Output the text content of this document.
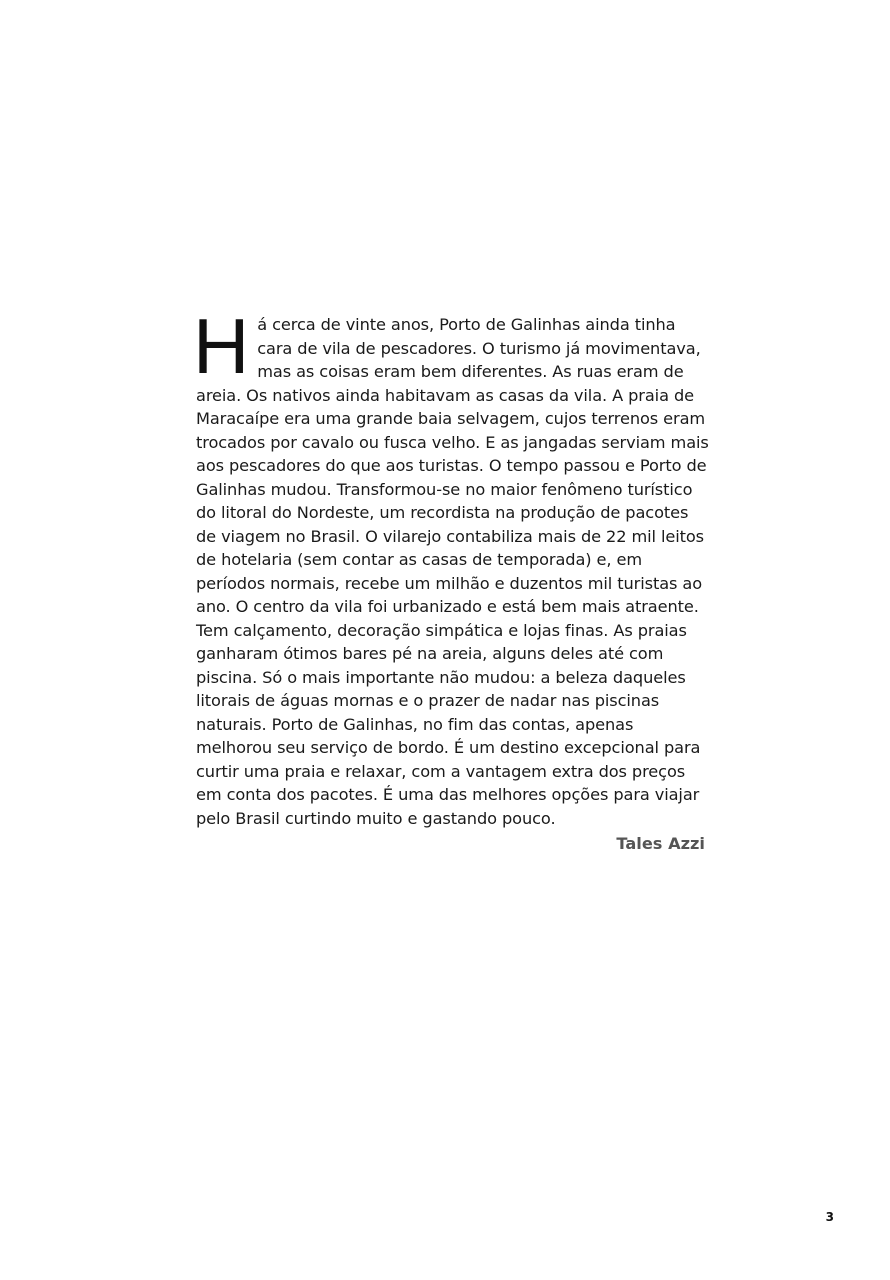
Há cerca de vinte anos, Porto de Galinhas ainda tinha cara de vila de pescadores. O turismo já movimentava, mas as coisas eram bem diferentes. As ruas eram de areia. Os nativos ainda habitavam as casas da vila. A praia de Maracaípe era uma grande baia selvagem, cujos terrenos eram trocados por cavalo ou fusca velho. E as jangadas serviam mais aos pescadores do que aos turistas. O tempo passou e Porto de Galinhas mudou. Transformou-se no maior fenômeno turístico do litoral do Nordeste, um recordista na produção de pacotes de viagem no Brasil. O vilarejo contabiliza mais de 22 mil leitos de hotelaria (sem contar as casas de temporada) e, em períodos normais, recebe um milhão e duzentos mil turistas ao ano. O centro da vila foi urbanizado e está bem mais atraente. Tem calçamento, decoração simpática e lojas finas. As praias ganharam ótimos bares pé na areia, alguns deles até com piscina. Só o mais importante não mudou: a beleza daqueles litorais de águas mornas e o prazer de nadar nas piscinas naturais. Porto de Galinhas, no fim das contas, apenas melhorou seu serviço de bordo. É um destino excepcional para curtir uma praia e relaxar, com a vantagem extra dos preços em conta dos pacotes. É uma das melhores opções para viajar pelo Brasil curtindo muito e gastando pouco.

Tales Azzi
3
